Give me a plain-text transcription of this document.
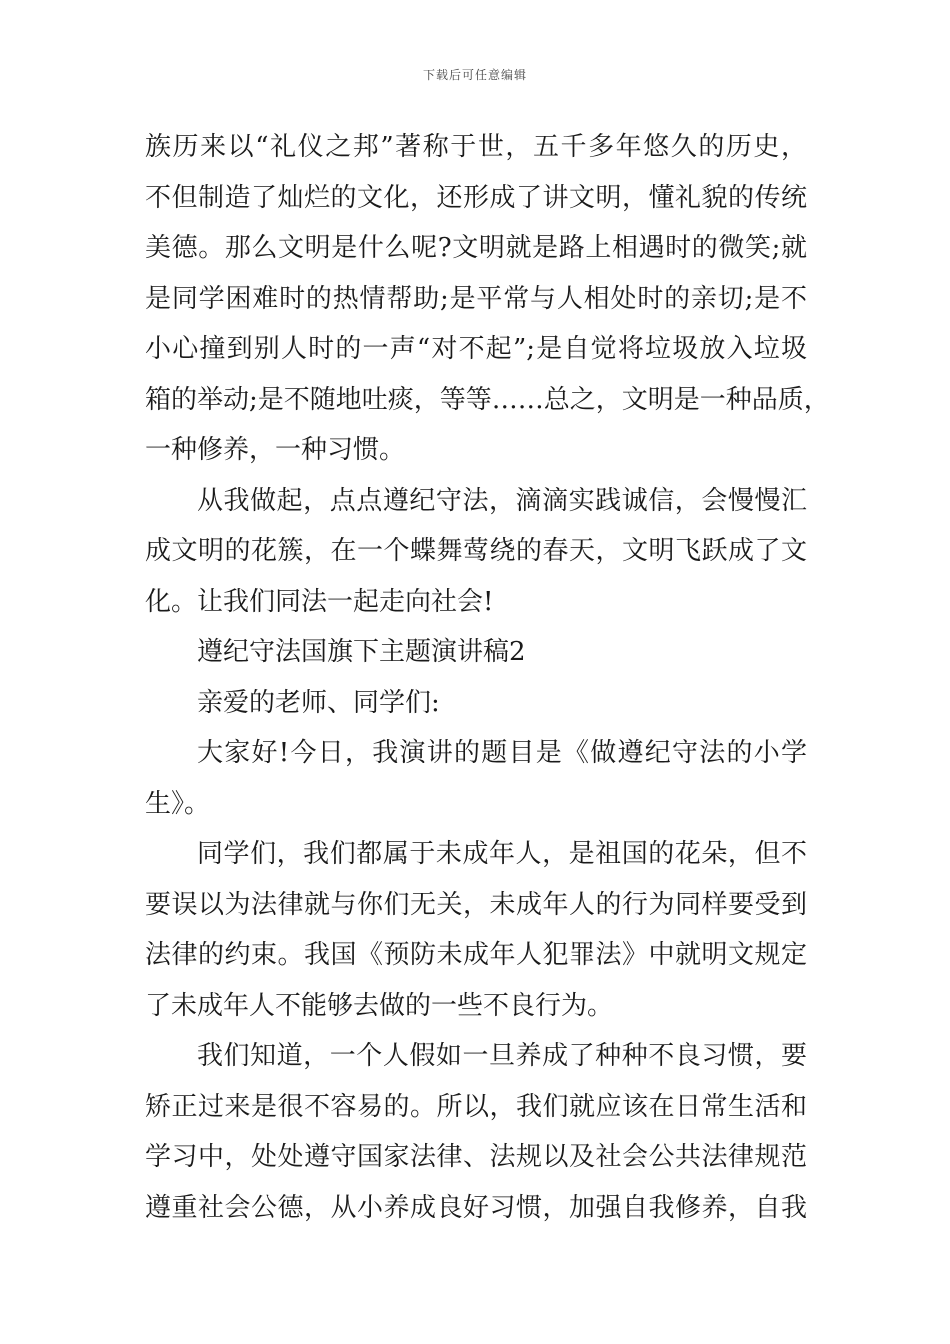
下载后可任意编辑
族历来以“礼仪之邦”著称于世，五千多年悠久的历史，
不但制造了灿烂的文化，还形成了讲文明，懂礼貌的传统
美德。那么文明是什么呢?文明就是路上相遇时的微笑;就
是同学困难时的热情帮助;是平常与人相处时的亲切;是不
小心撞到别人时的一声“对不起”;是自觉将垃圾放入垃圾
箱的举动;是不随地吐痰，等等……总之，文明是一种品质，
一种修养，一种习惯。
从我做起，点点遵纪守法，滴滴实践诚信，会慢慢汇
成文明的花簇，在一个蝶舞莺绕的春天，文明飞跃成了文
化。让我们同法一起走向社会!
遵纪守法国旗下主题演讲稿2
亲爱的老师、同学们:
大家好!今日，我演讲的题目是《做遵纪守法的小学
生》。
同学们，我们都属于未成年人，是祖国的花朵，但不
要误以为法律就与你们无关，未成年人的行为同样要受到
法律的约束。我国《预防未成年人犯罪法》中就明文规定
了未成年人不能够去做的一些不良行为。
我们知道，一个人假如一旦养成了种种不良习惯，要
矫正过来是很不容易的。所以，我们就应该在日常生活和
学习中，处处遵守国家法律、法规以及社会公共法律规范
遵重社会公德，从小养成良好习惯，加强自我修养，自我
